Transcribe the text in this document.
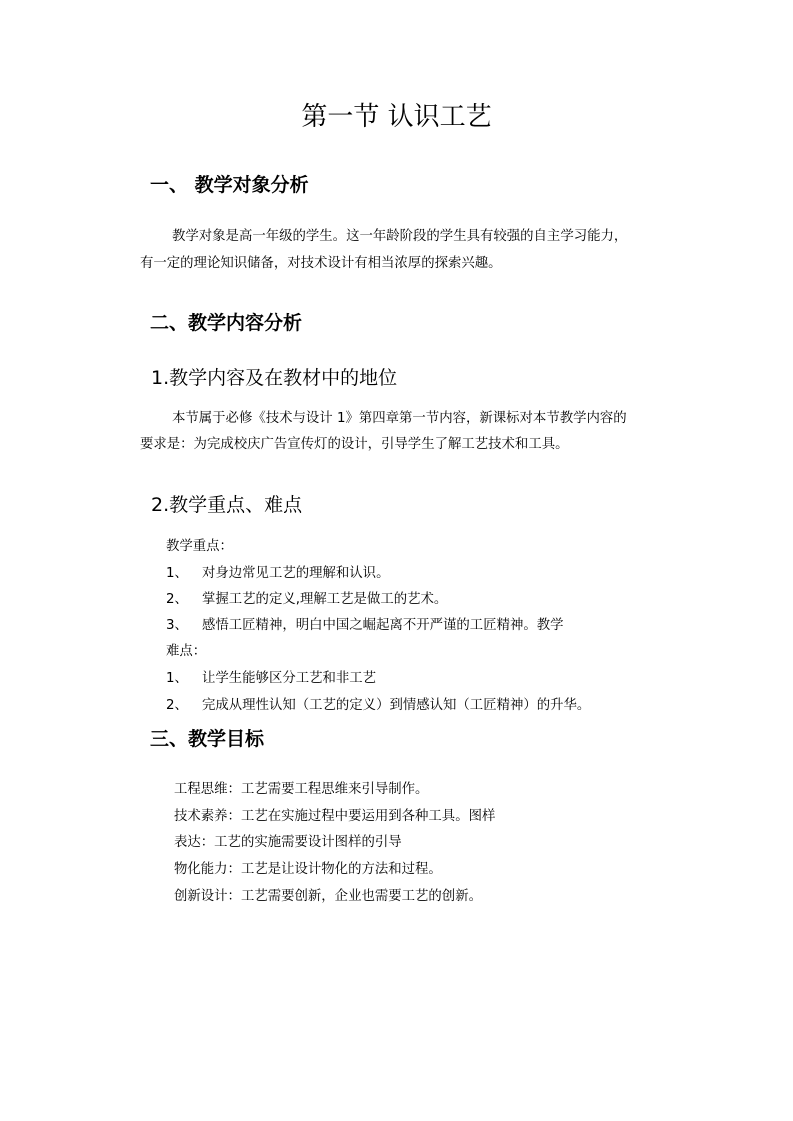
第一节 认识工艺
一、 教学对象分析
教学对象是高一年级的学生。这一年龄阶段的学生具有较强的自主学习能力，
有一定的理论知识储备，对技术设计有相当浓厚的探索兴趣。
二、教学内容分析
1.教学内容及在教材中的地位
本节属于必修《技术与设计 1》第四章第一节内容，新课标对本节教学内容的
要求是：为完成校庆广告宣传灯的设计，引导学生了解工艺技术和工具。
2.教学重点、难点
教学重点：
1、 对身边常见工艺的理解和认识。
2、 掌握工艺的定义,理解工艺是做工的艺术。
3、 感悟工匠精神，明白中国之崛起离不开严谨的工匠精神。教学
难点：
1、 让学生能够区分工艺和非工艺
2、 完成从理性认知（工艺的定义）到情感认知（工匠精神）的升华。
三、教学目标
工程思维：工艺需要工程思维来引导制作。
技术素养：工艺在实施过程中要运用到各种工具。图样
表达：工艺的实施需要设计图样的引导
物化能力：工艺是让设计物化的方法和过程。
创新设计：工艺需要创新，企业也需要工艺的创新。
